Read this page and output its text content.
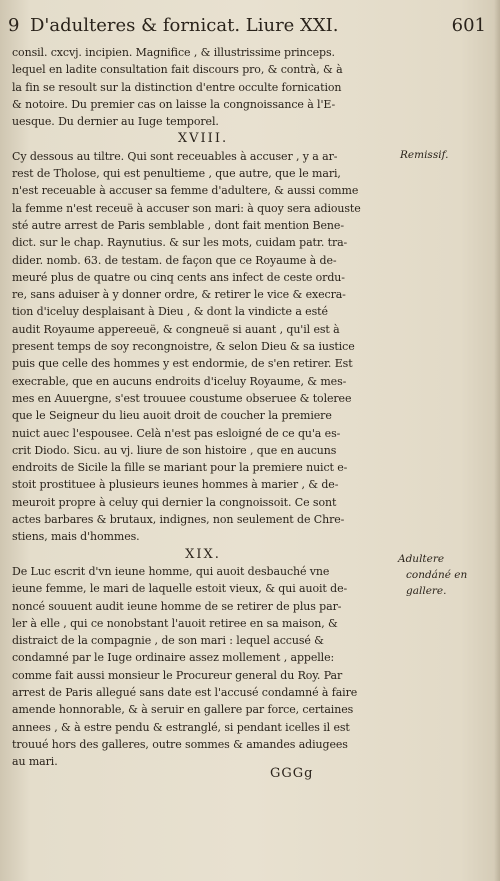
9 D'adulteres & fornicat. Liure XXI.	601
consil. cxcvj. incipien. Magnifice , & illustrissime princeps.
lequel en ladite consultation fait discours pro, & contrà, & à
la fin se resoult sur la distinction d'entre occulte fornication
& notoire. Du premier cas on laisse la congnoissance à l'E-
uesque. Du dernier au Iuge temporel.
XVIII.
Cy dessous au tiltre. Qui sont receuables à accuser , y a ar-
rest de Tholose, qui est penultieme , que autre, que le mari,
n'est receuable à accuser sa femme d'adultere, & aussi comme
la femme n'est receuë à accuser son mari: à quoy sera adiouste
sté autre arrest de Paris semblable , dont fait mention Bene-
dict. sur le chap. Raynutius. & sur les mots, cuidam patr. tra-
dider. nomb. 63. de testam. de façon que ce Royaume à de-
meuré plus de quatre ou cinq cents ans infect de ceste ordu-
re, sans aduiser à y donner ordre, & retirer le vice & execra-
tion d'iceluy desplaisant à Dieu , & dont la vindicte a esté
audit Royaume appereeuë, & congneuë si auant , qu'il est à
present temps de soy recongnoistre, & selon Dieu & sa iustice
puis que celle des hommes y est endormie, de s'en retirer. Est
execrable, que en aucuns endroits d'iceluy Royaume, & mes-
mes en Auuergne, s'est trouuee coustume obseruee & toleree
que le Seigneur du lieu auoit droit de coucher la premiere
nuict auec l'espousee. Celà n'est pas esloigné de ce qu'a es-
crit Diodo. Sicu. au vj. liure de son histoire , que en aucuns
endroits de Sicile la fille se mariant pour la premiere nuict e-
stoit prostituee à plusieurs ieunes hommes à marier , & de-
meuroit propre à celuy qui dernier la congnoissoit. Ce sont
actes barbares & brutaux, indignes, non seulement de Chre-
stiens, mais d'hommes.
XIX.
De Luc escrit d'vn ieune homme, qui auoit desbauché vne
ieune femme, le mari de laquelle estoit vieux, & qui auoit de-
noncé souuent audit ieune homme de se retirer de plus par-
ler à elle , qui ce nonobstant l'auoit retiree en sa maison, &
distraict de la compagnie , de son mari : lequel accusé &
condamné par le Iuge ordinaire assez mollement , appelle:
comme fait aussi monsieur le Procureur general du Roy. Par
arrest de Paris allegué sans date est l'accusé condamné à faire
amende honnorable, & à seruir en gallere par force, certaines
annees , & à estre pendu & estranglé, si pendant icelles il est
trouué hors des galleres, outre sommes & amandes adiugees
au mari.
Remissif.
Adultere
condáné en
gallere.
GGGg
